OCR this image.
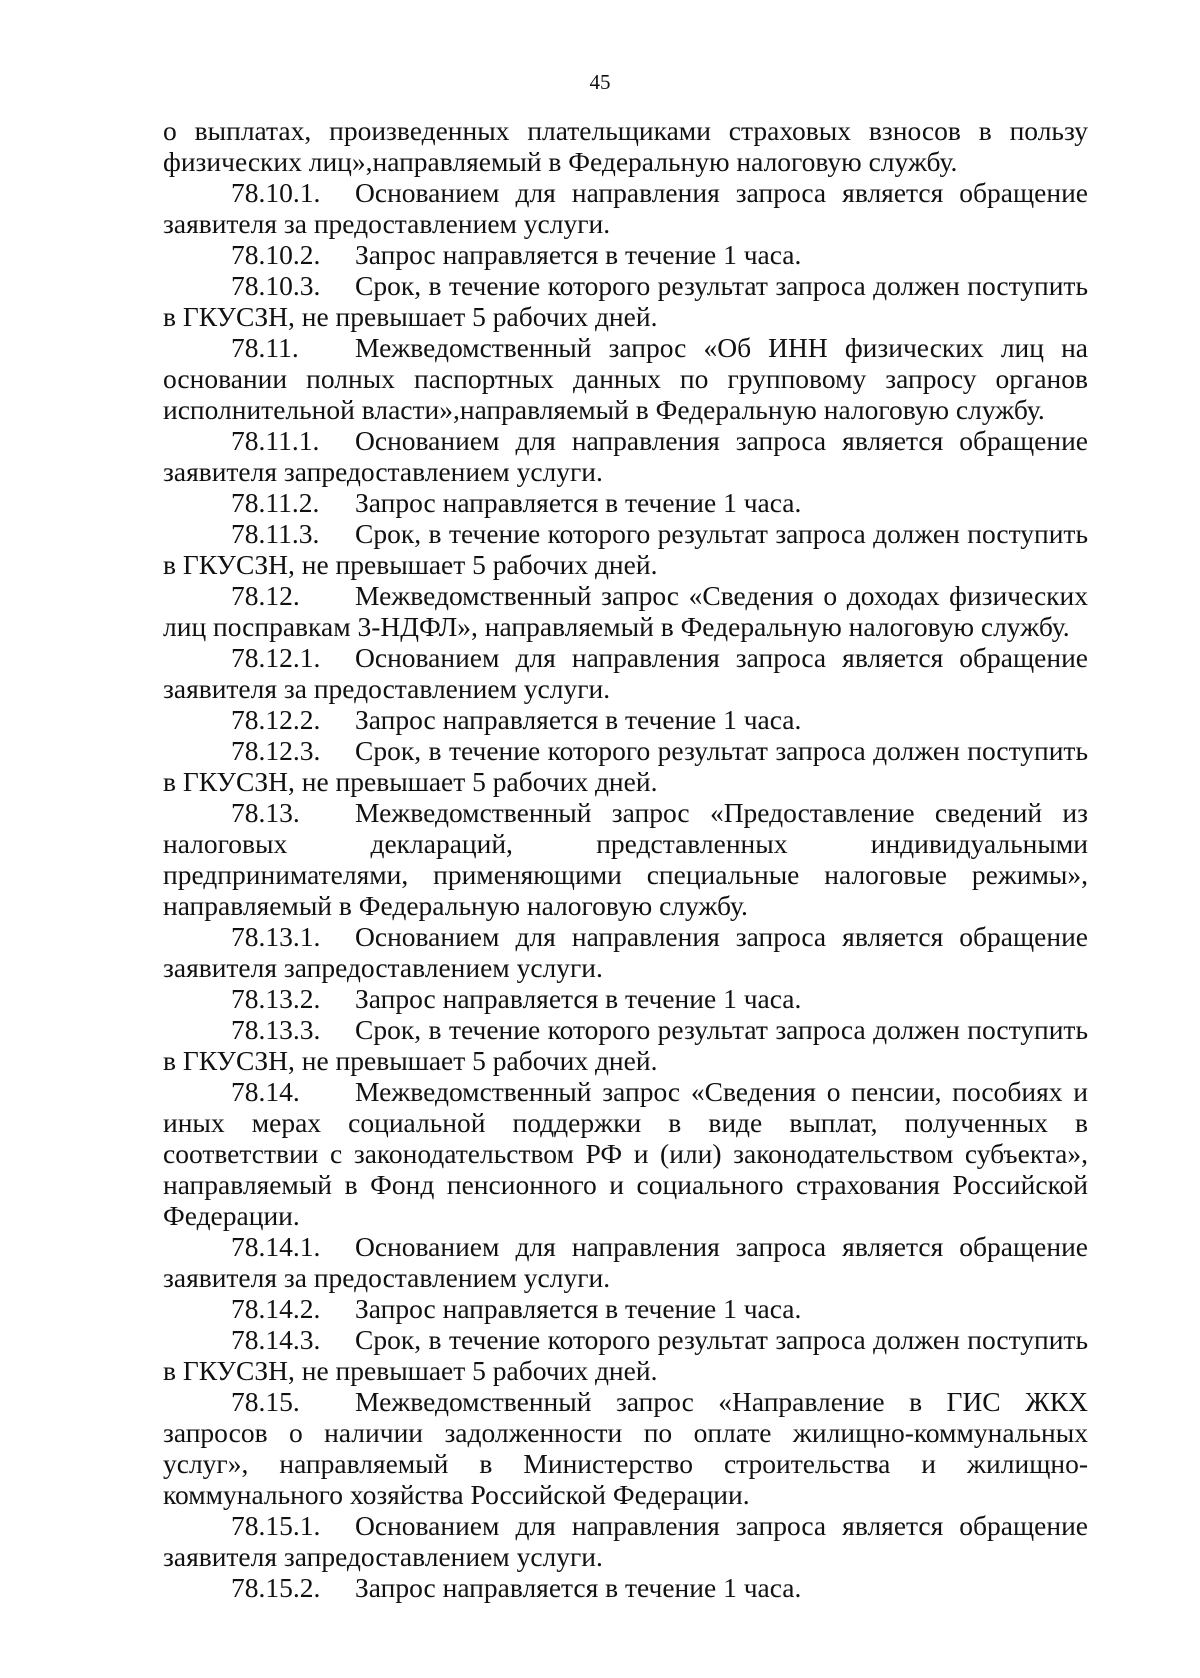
45

о выплатах, произведенных плательщиками страховых взносов в пользу физических лиц»,направляемый в Федеральную налоговую службу.

78.10.1. Основанием для направления запроса является обращение заявителя за предоставлением услуги.

78.10.2. Запрос направляется в течение 1 часа.

78.10.3. Срок, в течение которого результат запроса должен поступить в ГКУСЗН, не превышает 5 рабочих дней.

78.11. Межведомственный запрос «Об ИНН физических лиц на основании полных паспортных данных по групповому запросу органов исполнительной власти»,направляемый в Федеральную налоговую службу.

78.11.1. Основанием для направления запроса является обращение заявителя запредоставлением услуги.

78.11.2. Запрос направляется в течение 1 часа.

78.11.3. Срок, в течение которого результат запроса должен поступить в ГКУСЗН, не превышает 5 рабочих дней.

78.12. Межведомственный запрос «Сведения о доходах физических лиц посправкам 3-НДФЛ», направляемый в Федеральную налоговую службу.

78.12.1. Основанием для направления запроса является обращение заявителя за предоставлением услуги.

78.12.2. Запрос направляется в течение 1 часа.

78.12.3. Срок, в течение которого результат запроса должен поступить в ГКУСЗН, не превышает 5 рабочих дней.

78.13. Межведомственный запрос «Предоставление сведений из налоговых деклараций, представленных индивидуальными предпринимателями, применяющими специальные налоговые режимы», направляемый в Федеральную налоговую службу.

78.13.1. Основанием для направления запроса является обращение заявителя запредоставлением услуги.

78.13.2. Запрос направляется в течение 1 часа.

78.13.3. Срок, в течение которого результат запроса должен поступить в ГКУСЗН, не превышает 5 рабочих дней.

78.14. Межведомственный запрос «Сведения о пенсии, пособиях и иных мерах социальной поддержки в виде выплат, полученных в соответствии с законодательством РФ и (или) законодательством субъекта», направляемый в Фонд пенсионного и социального страхования Российской Федерации.

78.14.1. Основанием для направления запроса является обращение заявителя за предоставлением услуги.

78.14.2. Запрос направляется в течение 1 часа.

78.14.3. Срок, в течение которого результат запроса должен поступить в ГКУСЗН, не превышает 5 рабочих дней.

78.15. Межведомственный запрос «Направление в ГИС ЖКХ запросов о наличии задолженности по оплате жилищно-коммунальных услуг», направляемый в Министерство строительства и жилищно-коммунального хозяйства Российской Федерации.

78.15.1. Основанием для направления запроса является обращение заявителя запредоставлением услуги.

78.15.2. Запрос направляется в течение 1 часа.
